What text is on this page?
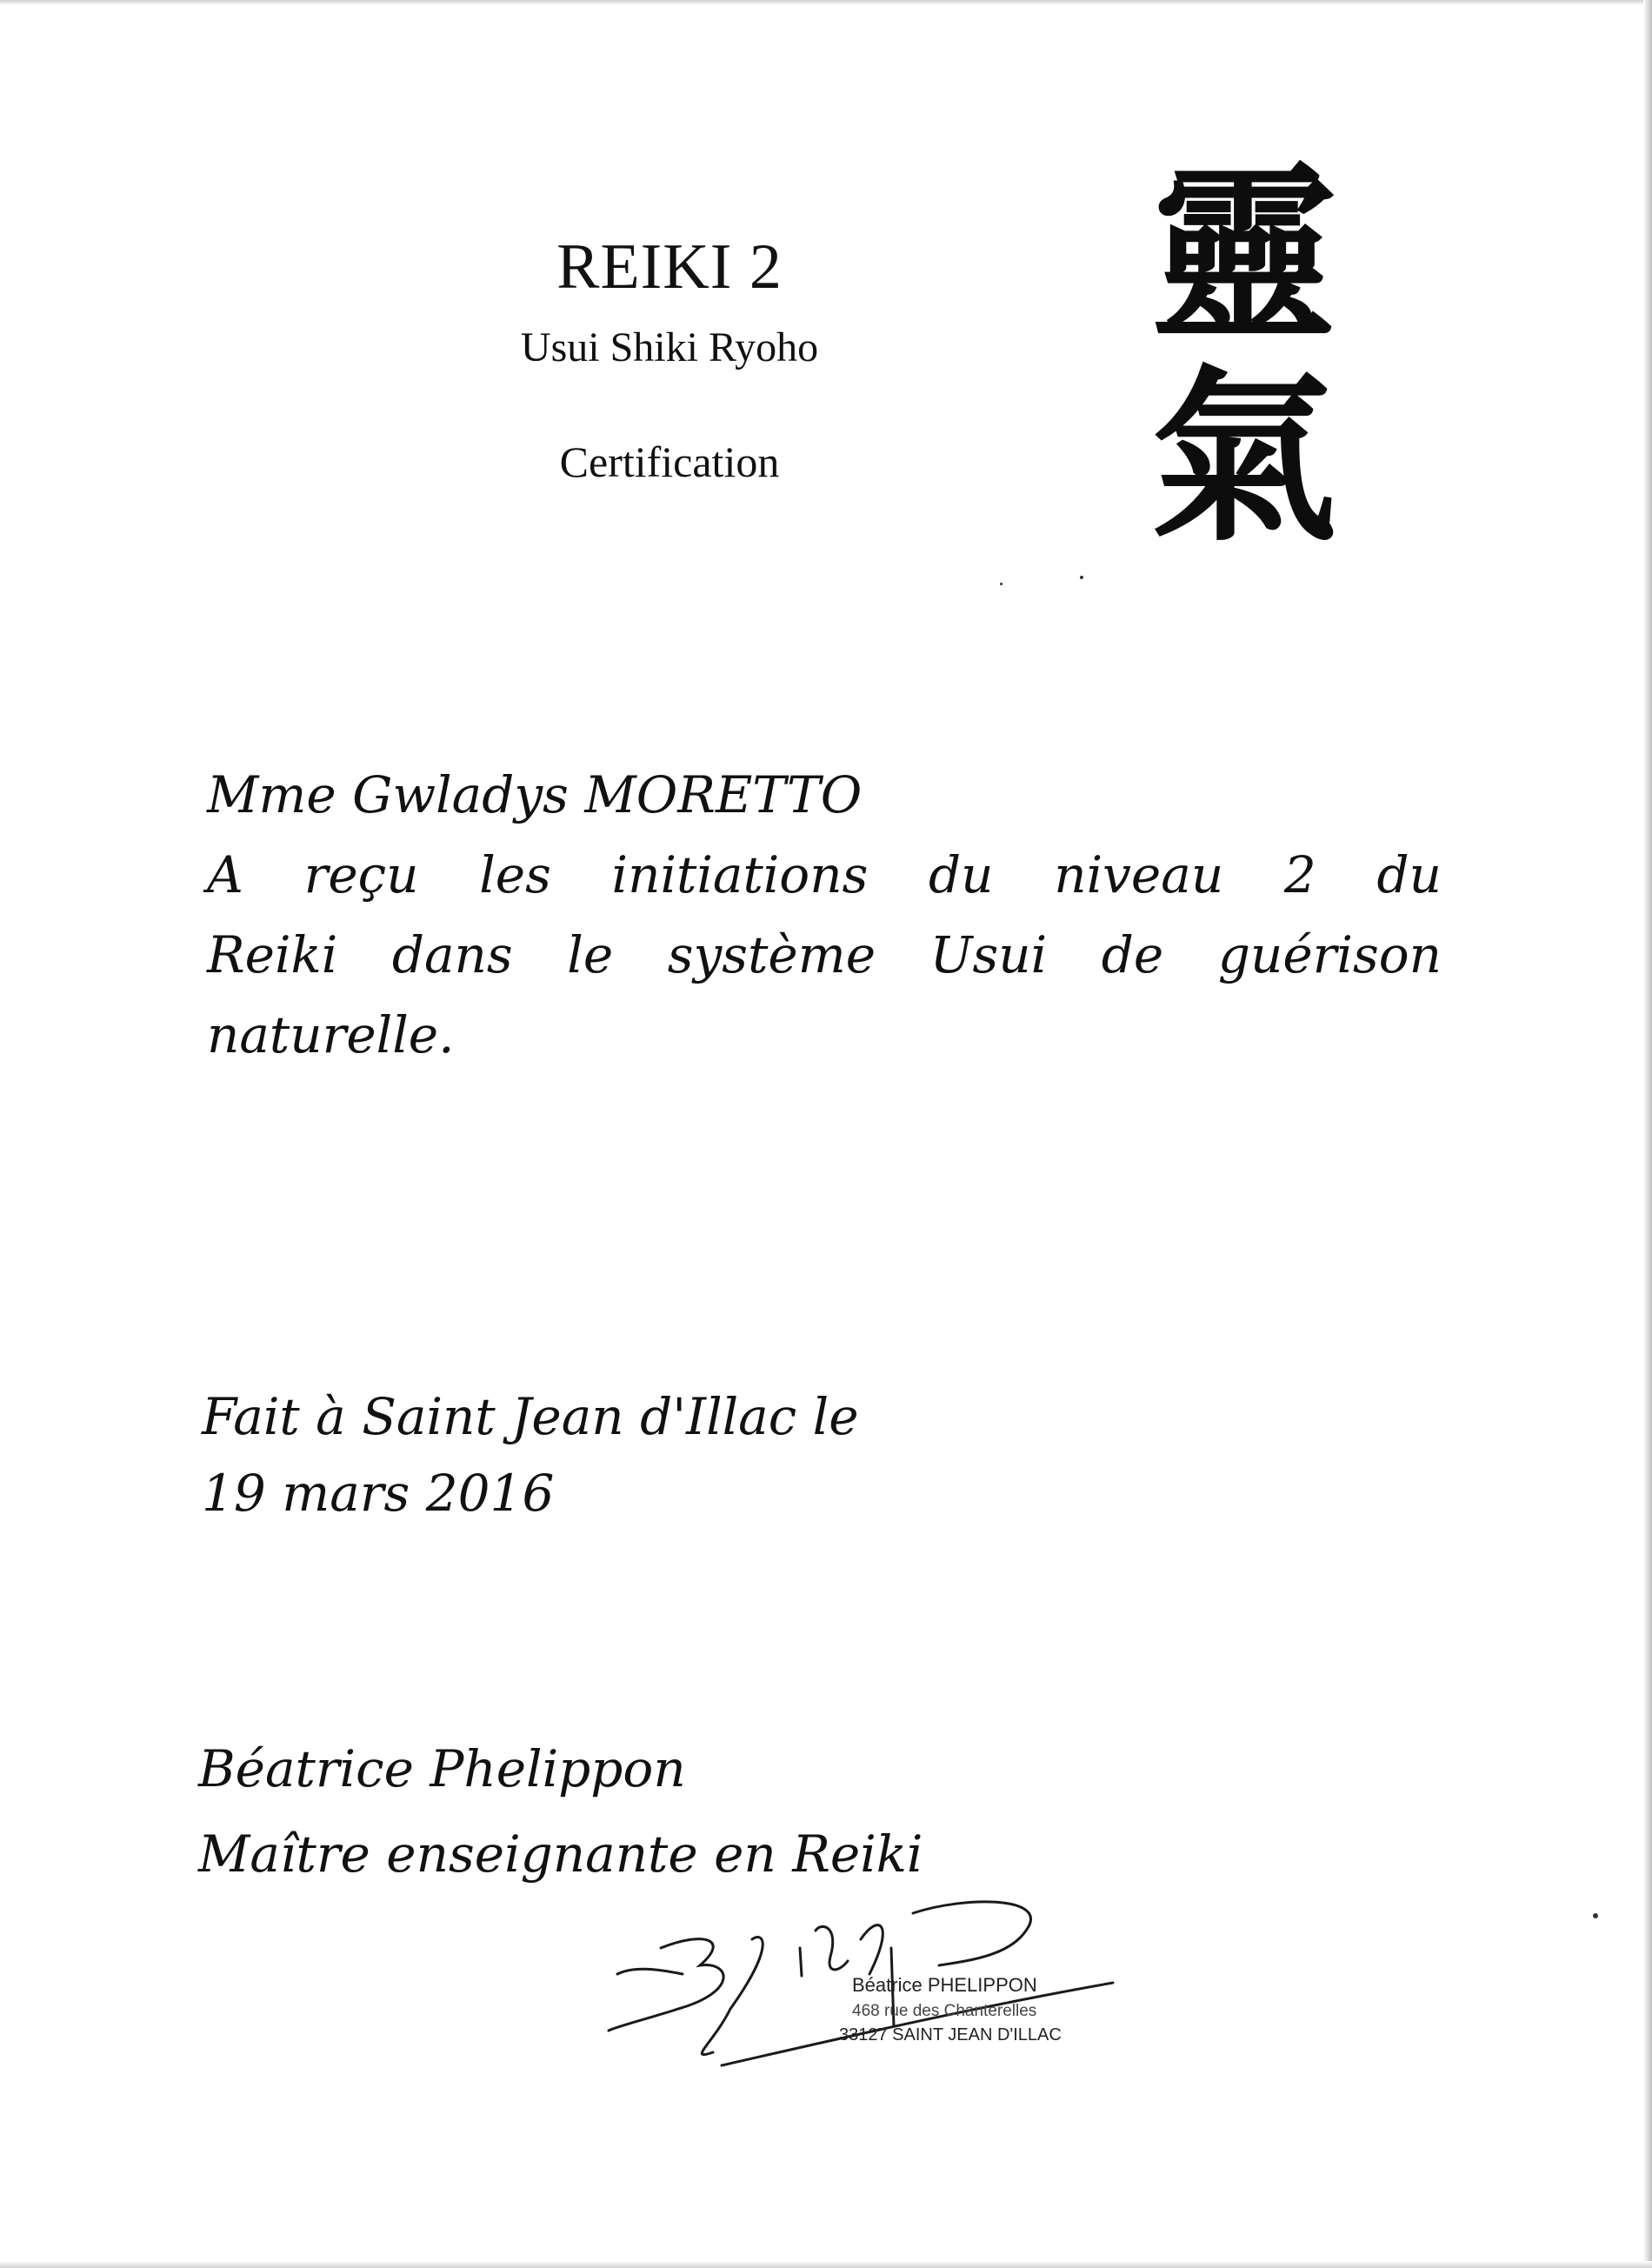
REIKI 2
Usui Shiki Ryoho
Certification
靈
氣
Mme Gwladys MORETTO
A reçu les initiations du niveau 2 du
Reiki dans le système Usui de guérison
naturelle.
Fait à Saint Jean d'Illac le
19 mars 2016
Béatrice Phelippon
Maître enseignante en Reiki
Béatrice PHELIPPON
468 rue des Chanterelles
33127 SAINT JEAN D'ILLAC
